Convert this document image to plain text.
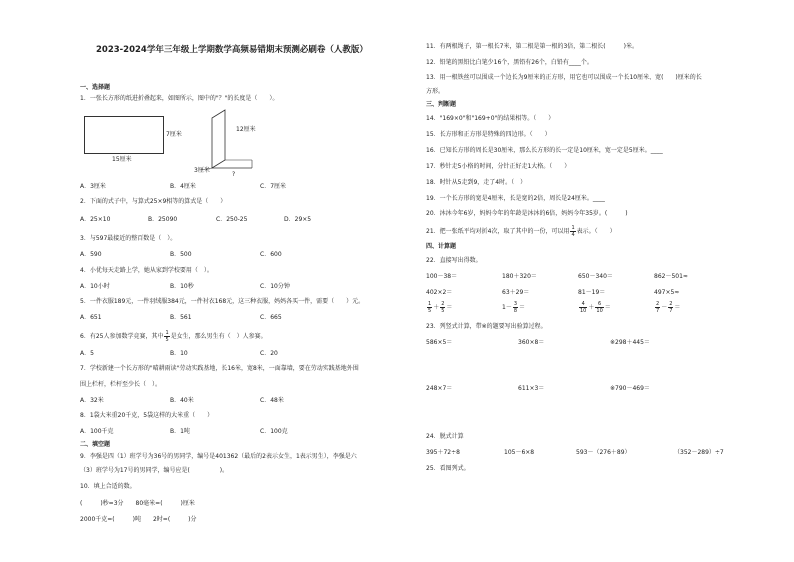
2023-2024学年三年级上学期数学高频易错期末预测必刷卷（人教版）
一、选择题
1．一张长方形的纸进折叠起来，如图所示，图中的"？"的长度是（　　）。
7厘米
15厘米
12厘米
3厘米
?
A．3厘米	B．4厘米	C．7厘米
2．下面的式子中，与算式25×9相等的算式是（　　）
A．25×10	B．25090	C．250-25	D．29×5
3．与597最接近的整百数是（　）。
A．590	B．500	C．600
4．小优每天走路上学，她从家到学校要用（　）。
A．10小时	B．10秒	C．10分钟
5．一件衣服189元，一件羽绒服384元，一件衬衣168元，这三种衣服，妈妈各买一件，需要（　　）元。
A．651	B．561	C．665
6．有25人参加数学竞赛，其中 $\frac{1}{5}$ 是女生，那么男生有（　）人参赛。
A．5	B．10	C．20
7．学校新建一个长方形的"晴耕雨读"劳动实践基地，长16米，宽8米，一面靠墙，要在劳动实践基地外围
围上栏杆，栏杆至少长（　）。
A．32米	B．40米	C．48米
8．1袋大米重20千克，5袋这样的大米重（　　）
A．100千克	B．1吨	C．100克
二、填空题
9．李强是四（1）班学号为36号的男同学，编号是401362（最后的2表示女生，1表示男生），李强是六
（3）班学号为17号的男同学，编号应是(　　　　　)。
10．填上合适的数。
(　　　)秒=3分　　80毫米=(　　　)厘米
2000千克=(　　　)吨　　2时=(　　　)分
11．有两根绳子，第一根长7米，第二根是第一根的3倍，第二根长(　　　)米。
12．铅笔的黑铅比白笔少16个，黑铅有26个，白铅有____个。
13．用一根铁丝可以围成一个边长为9厘米的正方形，用它也可以围成一个长10厘米、宽(　　)厘米的长
方形。
三、判断题
14．"169×0"和"169+0"的结果相等。（　　）
15．长方形和正方形是特殊的四边形。（　　）
16．已知长方形的周长是30厘米，那么长方形的长一定是10厘米，宽一定是5厘米。____
17．秒针走5小格的时间，分针正好走1大格。（　　）
18．时针从5走到9，走了4时。（　）
19．一个长方形的宽是4厘米，长是宽的2倍，周长是24厘米。____
20．沐沐今年6岁，妈妈今年的年龄是沐沐的6倍，妈妈今年35岁。(　　　)
21．把一张纸平均对折4次，取了其中的一份，可以用 $\frac{1}{4}$ 表示。（　　）
四、计算题
22．直接写出得数。
100－38＝	180＋320＝	650－340＝	862－501≈
402×2＝	63＋29＝	81－19＝	497×5≈
$\frac{1}{5} + \frac{2}{5}$ ＝	$1- \frac{3}{8}$ ＝	$\frac{4}{10} + \frac{6}{10}$ ＝	$\frac{2}{7} - \frac{2}{7}$ ＝
23．列竖式计算，带※的题要写出验算过程。
586×5＝	360×8＝	※298＋445＝
248×7＝	611×3＝	※790－469＝
24．脱式计算
395＋72÷8	105－6×8	593－（276＋89）	（352－289）÷7
25．看图列式。
